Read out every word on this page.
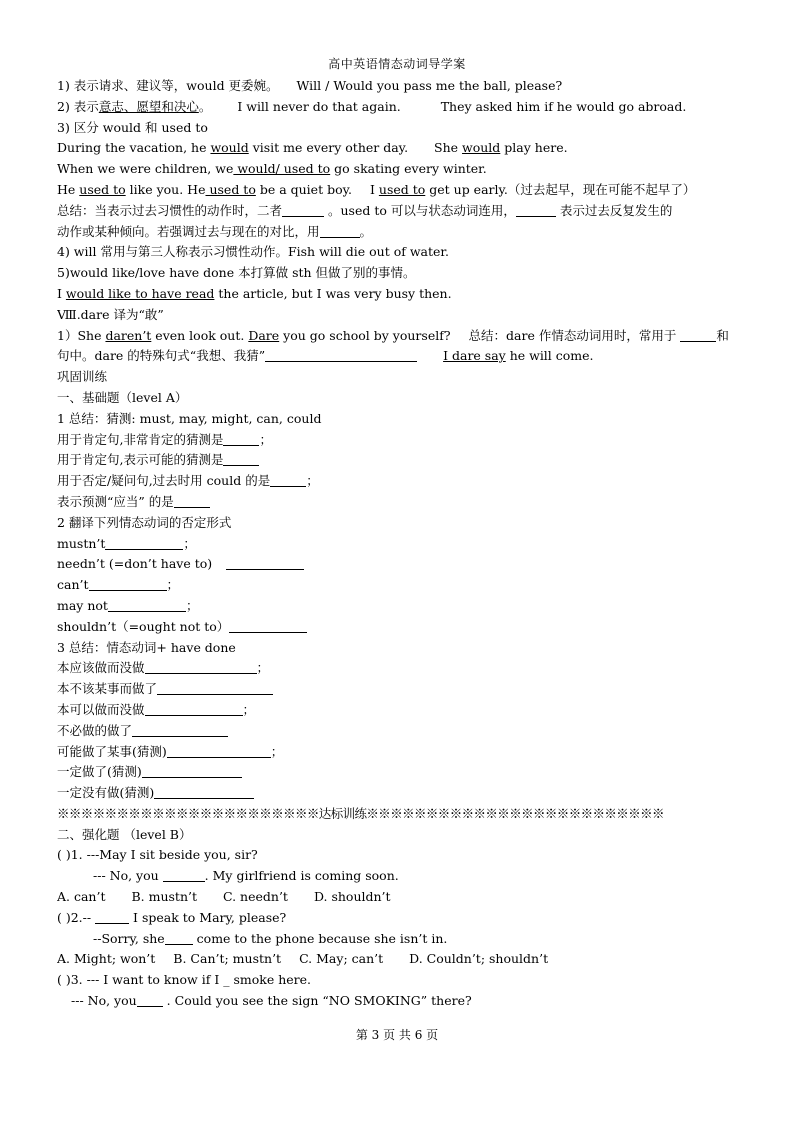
高中英语情态动词导学案
1) 表示请求、建议等，would 更委婉。 Will / Would you pass me the ball, please?
2) 表示意志、愿望和决心。 I will never do that again.	They asked him if he would go abroad.
3) 区分 would 和 used to
During the vacation, he would visit me every other day. She would play here.
When we were children, we would/ used to go skating every winter.
He used to like you. He used to be a quiet boy. I used to get up early.（过去起早，现在可能不起早了）
总结：当表示过去习惯性的动作时，二者	。used to 可以与状态动词连用，	表示过去反复发生的
动作或某种倾向。若强调过去与现在的对比，用	。
4) will 常用与第三人称表示习惯性动作。Fish will die out of water.
5)would like/love have done 本打算做 sth 但做了别的事情。
I would like to have read the article, but I was very busy then.
Ⅷ.dare 译为“敢”
1）She daren’t even look out. Dare you go school by yourself? 总结：dare 作情态动词用时，常用于	和
句中。dare 的特殊句式“我想、我猜”	I dare say he will come.
巩固训练
一、基础题（level A）
1 总结：猜测: must, may, might, can, could
用于肯定句,非常肯定的猜测是	；
用于肯定句,表示可能的猜测是
用于否定/疑问句,过去时用 could 的是	；
表示预测“应当” 的是
2 翻译下列情态动词的否定形式
mustn’t	；
needn’t (=don’t have to)
can’t	；
may not	；
shouldn’t（=ought not to）
3 总结：情态动词+ have done
本应该做而没做	；
本不该某事而做了
本可以做而没做	；
不必做的做了
可能做了某事(猜测)	；
一定做了(猜测)
一定没有做(猜测)
※※※※※※※※※※※※※※※※※※※※※※达标训练※※※※※※※※※※※※※※※※※※※※※※※※※
二、强化题 （level B）
( )1. ---May I sit beside you, sir?
--- No, you	. My girlfriend is coming soon.
A. can’t B. mustn’t C. needn’t D. shouldn’t
( )2.--	I speak to Mary, please?
--Sorry, she come to the phone because she isn’t in.
A. Might; won’t B. Can’t; mustn’t C. May; can’t D. Couldn’t; shouldn’t
( )3. --- I want to know if I _ smoke here.
--- No, you . Could you see the sign “NO SMOKING” there?
第 3 页 共 6 页
